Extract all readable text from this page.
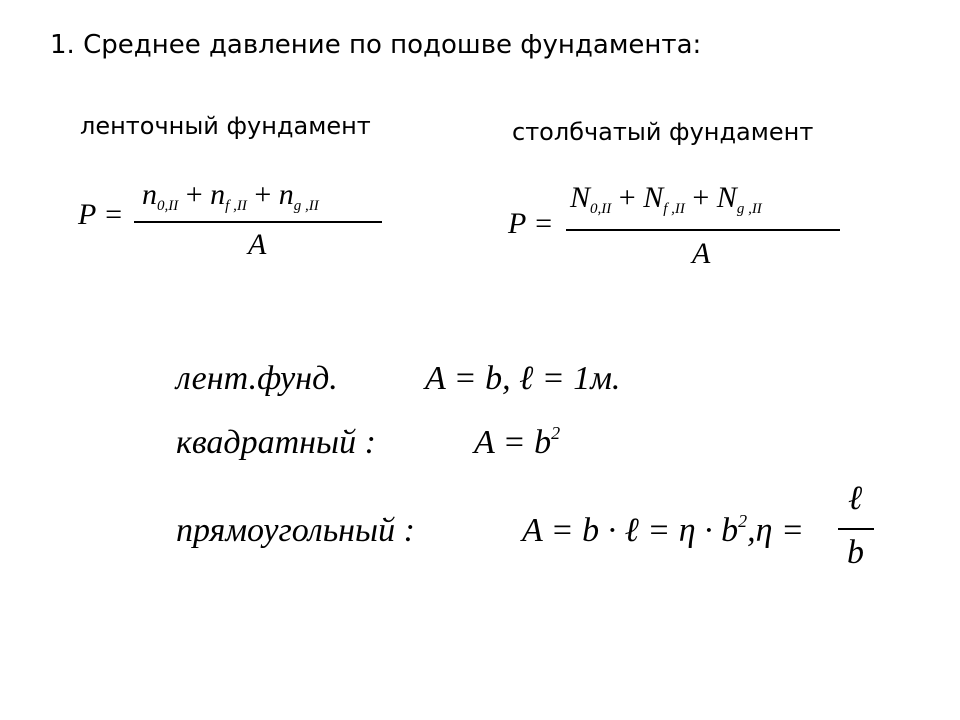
1. Среднее давление по подошве фундамента:
ленточный фундамент	столбчатый фундамент
P =
$n_{0,II} + n_{f ,II} + n_{g ,II}$
A
P =
$N_{0,II} + N_{f ,II} + N_{g ,II}$
A
лент.фунд.	A = b, ℓ = 1м.
квадратный :	$A = b^2$
прямоугольный :	A = b · ℓ = $\eta \cdot b^2,\eta$ =
ℓ
b
